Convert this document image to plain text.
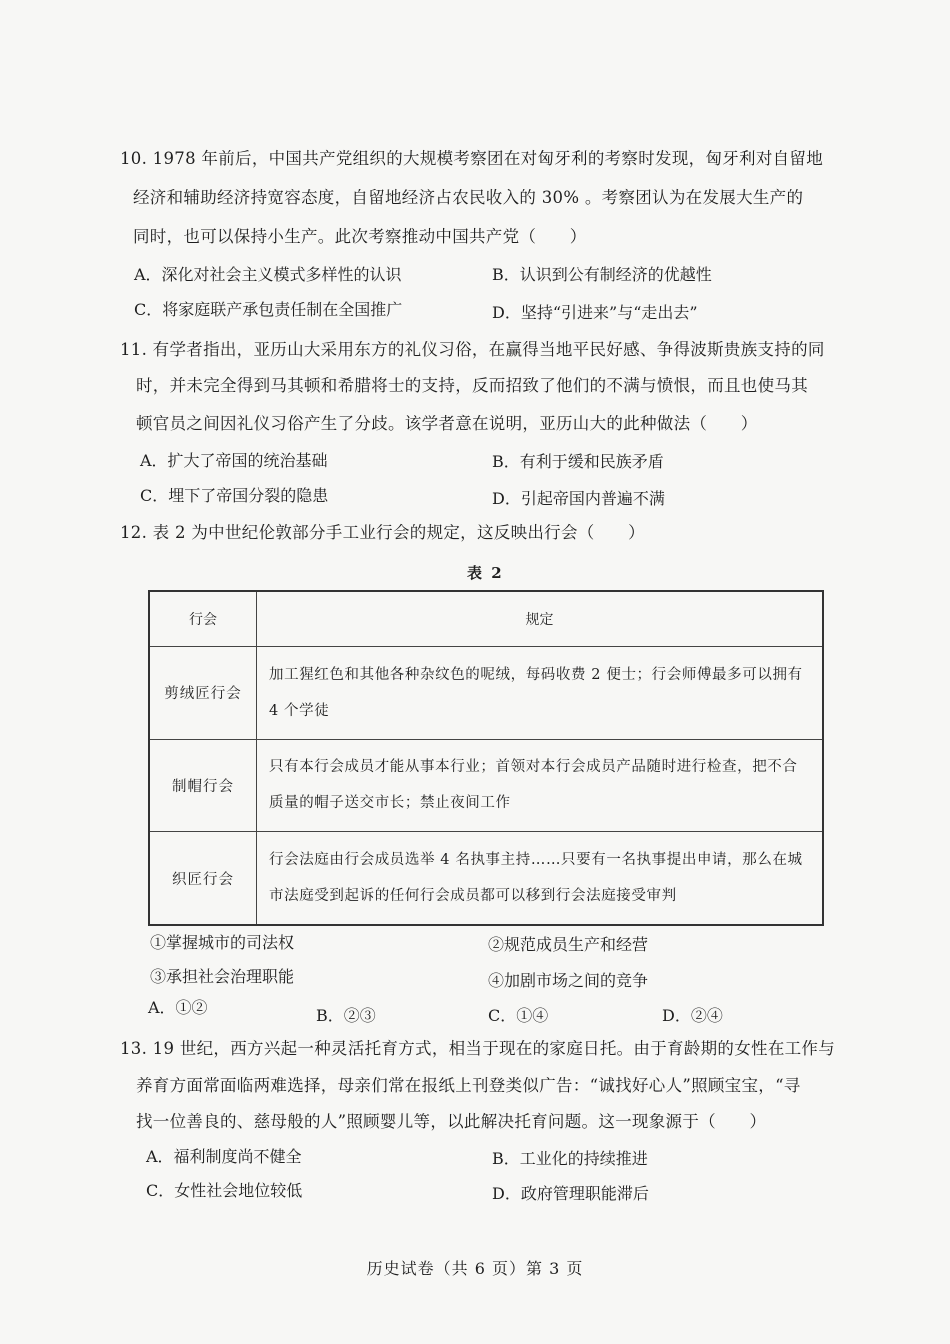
10. 1978 年前后，中国共产党组织的大规模考察团在对匈牙利的考察时发现，匈牙利对自留地
经济和辅助经济持宽容态度，自留地经济占农民收入的 30% 。考察团认为在发展大生产的
同时，也可以保持小生产。此次考察推动中国共产党（　　）
A．深化对社会主义模式多样性的认识	B．认识到公有制经济的优越性
C．将家庭联产承包责任制在全国推广	D．坚持“引进来”与“走出去”
11. 有学者指出，亚历山大采用东方的礼仪习俗，在赢得当地平民好感、争得波斯贵族支持的同
时，并未完全得到马其顿和希腊将士的支持，反而招致了他们的不满与愤恨，而且也使马其
顿官员之间因礼仪习俗产生了分歧。该学者意在说明，亚历山大的此种做法（　　）
A．扩大了帝国的统治基础	B．有利于缓和民族矛盾
C．埋下了帝国分裂的隐患	D．引起帝国内普遍不满
12. 表 2 为中世纪伦敦部分手工业行会的规定，这反映出行会（　　）
表 2
行会	规定
剪绒匠行会	加工猩红色和其他各种杂纹色的呢绒，每码收费 2 便士；行会师傅最多可以拥有 4 个学徒
制帽行会	只有本行会成员才能从事本行业；首领对本行会成员产品随时进行检查，把不合质量的帽子送交市长；禁止夜间工作
织匠行会	行会法庭由行会成员选举 4 名执事主持……只要有一名执事提出申请，那么在城市法庭受到起诉的任何行会成员都可以移到行会法庭接受审判
①掌握城市的司法权	②规范成员生产和经营
③承担社会治理职能	④加剧市场之间的竞争
A．①②	B．②③	C．①④	D．②④
13. 19 世纪，西方兴起一种灵活托育方式，相当于现在的家庭日托。由于育龄期的女性在工作与
养育方面常面临两难选择，母亲们常在报纸上刊登类似广告：“诚找好心人”照顾宝宝，“寻
找一位善良的、慈母般的人”照顾婴儿等，以此解决托育问题。这一现象源于（　　）
A．福利制度尚不健全	B．工业化的持续推进
C．女性社会地位较低	D．政府管理职能滞后
历史试卷（共 6 页）第 3 页
